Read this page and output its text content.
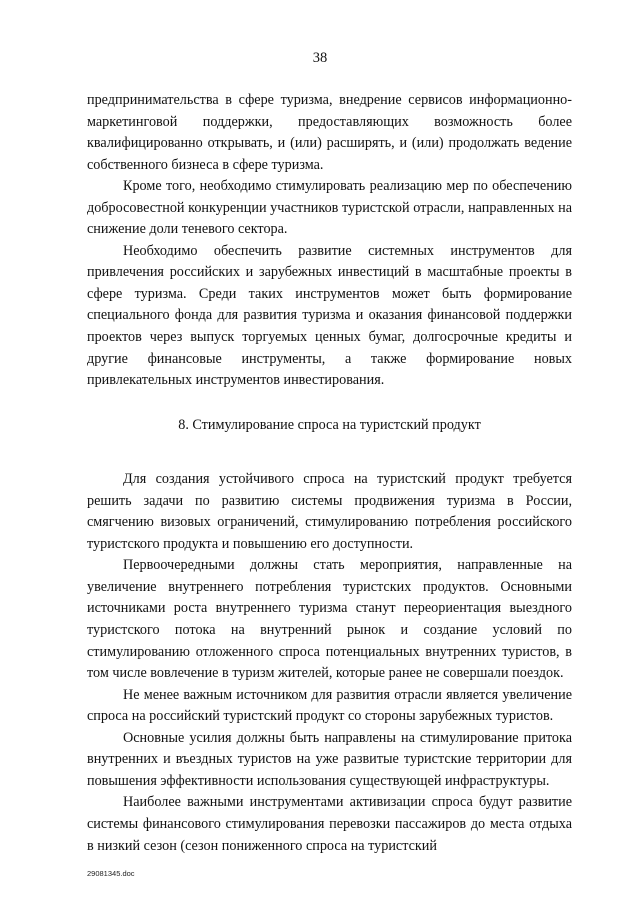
38

предпринимательства в сфере туризма, внедрение сервисов информационно-маркетинговой поддержки, предоставляющих возможность более квалифицированно открывать, и (или) расширять, и (или) продолжать ведение собственного бизнеса в сфере туризма.

Кроме того, необходимо стимулировать реализацию мер по обеспечению добросовестной конкуренции участников туристской отрасли, направленных на снижение доли теневого сектора.

Необходимо обеспечить развитие системных инструментов для привлечения российских и зарубежных инвестиций в масштабные проекты в сфере туризма. Среди таких инструментов может быть формирование специального фонда для развития туризма и оказания финансовой поддержки проектов через выпуск торгуемых ценных бумаг, долгосрочные кредиты и другие финансовые инструменты, а также формирование новых привлекательных инструментов инвестирования.

8. Стимулирование спроса на туристский продукт

Для создания устойчивого спроса на туристский продукт требуется решить задачи по развитию системы продвижения туризма в России, смягчению визовых ограничений, стимулированию потребления российского туристского продукта и повышению его доступности.

Первоочередными должны стать мероприятия, направленные на увеличение внутреннего потребления туристских продуктов. Основными источниками роста внутреннего туризма станут переориентация выездного туристского потока на внутренний рынок и создание условий по стимулированию отложенного спроса потенциальных внутренних туристов, в том числе вовлечение в туризм жителей, которые ранее не совершали поездок.

Не менее важным источником для развития отрасли является увеличение спроса на российский туристский продукт со стороны зарубежных туристов.

Основные усилия должны быть направлены на стимулирование притока внутренних и въездных туристов на уже развитые туристские территории для повышения эффективности использования существующей инфраструктуры.

Наиболее важными инструментами активизации спроса будут развитие системы финансового стимулирования перевозки пассажиров до места отдыха в низкий сезон (сезон пониженного спроса на туристский

29081345.doc
